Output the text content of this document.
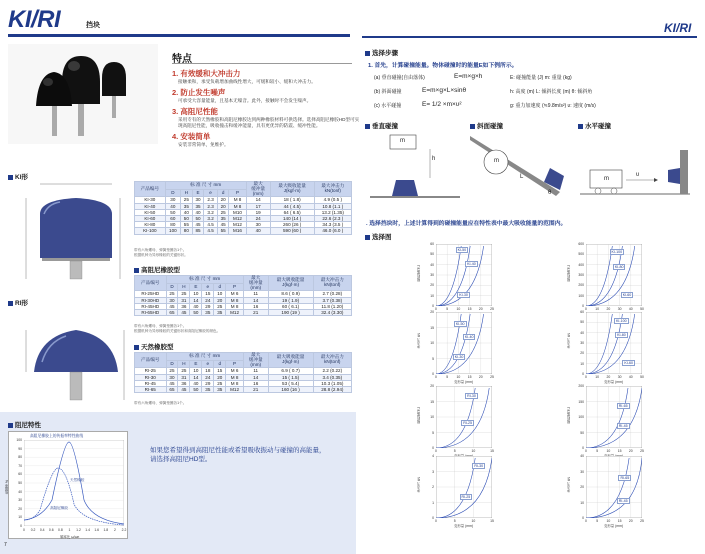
KI/RI	挡块	KI/RI
特点
1. 有效缓和大冲击力
接触柔和，承受负载增加曲线性增大，可缓和较小、缓和大冲击力。
2. 防止发生噪声
可承受大容量能量，且基本无噪音。此外，接触时不会发生噪声。
3. 高阻尼性能
采用专有的天然橡胶和高阻尼橡胶达到两种橡胶材料可供选择。选择高阻尼橡胶HD型可实现高阻尼性能，吸收撞击和缓冲能量，具有更优异的防震、缓冲性能。
4. 安装简单
安装非常简单，免维护。
KI形
RI形
产品编号	标 准 尺 寸 mm						最大
缓冲量
(mm)	最大吸收能量
J(kgf·m)	最大冲击力
kN(tonf)
	D	H	E	e	d	P			
KI-30	30	25	30	2.3	20	M 8	14	18 ( 1.8)	4.9 (0.5 )
KI-40	40	35	35	2.3	20	M 8	17	44 ( 4.5)	10.8 (1.1 )
KI-50	50	40	40	3.2	25	M10	19	64 ( 6.5)	13.2 (1.35)
KI-60	60	50	50	3.2	35	M12	24	140 (14 )	22.6 (2.3 )
KI-80	80	55	45	4.5	45	M12	30	260 (26 )	34.3 (3.5 )
KI-100	100	80	85	4.5	55	M16	40	590 (60 )	46.0 (6.0 )
带有六角螺母、弹簧垫圈各1个。
根据机种为异形橡胶的关键形状。
高阻尼橡胶型
产品编号	标 准 尺 寸 mm						最大
缓冲量
(mm)	最大吸收能量
J(kgf·m)	最大冲击力
kN(tonf)
	D	H	E	e	d	P			
RI-25HD	25	25	10	15	10	M 6	11	8.6 ( 0.9)	2.7 (0.28)
RI-30HD	30	31	14	24	20	M 8	14	19 ( 1.9)	3.7 (0.38)
RI-45HD	45	36	40	29	25	M 8	16	60 ( 6.1)	11.8 (1.20)
RI-65HD	65	45	50	35	35	M12	21	190 (19 )	32.4 (3.30)
带有六角螺母、弹簧垫圈各1个。
根据机种为异形橡胶的关键形状和高阻尼橡胶的颜色。
天然橡胶型
产品编号	标 准 尺 寸 mm						最大
缓冲量
(mm)	最大吸收能量
J(kgf·m)	最大冲击力
kN(tonf)
	D	H	E	e	d	P			
RI-25	25	25	10	18	15	M 6	11	6.9 ( 0.7)	2.2 (0.22)
RI-30	30	31	14	24	20	M 8	14	15 ( 1.5)	3.4 (0.35)
RI-45	45	36	40	29	25	M 8	16	53 ( 5.4)	10.3 (1.05)
RI-65	65	45	50	35	35	M12	21	160 (16 )	28.8 (2.94)
带有六角螺母、弹簧垫圈各1个。
阻尼特性
高阻尼橡胶上的传振率特性曲线
传振率 %
0
10
20
30
40
50
60
70
80
90
100
0	0.2	0.4	0.6	0.8	1	1.2	1.4	1.6	1.8	2	2.2
频率比 ω/ωn
天然橡胶
高阻尼橡胶
如果您希望得到高阻尼性能或希望吸收振动与碰撞的高能量，
请选择高阻尼HD型。
7
选择步骤
1. 首先，计算碰撞能量。物体碰撞时的能量E如下例所示。
(a) 垂直碰撞(自由落体)	E=m×g×h	E: 碰撞能量 (J) m: 重量 (kg)
(b) 斜面碰撞	E=m×g×L×sinθ	h: 高度 (m) L: 倾斜长度 (m) θ: 倾斜角
(c) 水平碰撞	E= 1/2 ×m×υ²	g: 重力加速度 (≒9.8m/s²) υ: 速度 (m/s)
垂直碰撞	斜面碰撞	水平碰撞
m
h	m
L
θ
m
υ
. 选择挡块时，上述计算得到的碰撞能量应在特性表中最大吸收能量的范围内。
选择图
KI-50
KI-40
KI-30
0
10
20
30
40
50
60
0	5	10	15	20	25
吸收能量 J
KI-100
KI-80
KI-60
0
100
200
300
400
500
600
0	10	20	30	40	50
吸收能量 J
KI-50
KI-40
KI-30
0
5
10
15
20
0	5	10	15	20	25
冲击力 kN
变形量 (mm)
KI-100
KI-80
KI-60
0
10
20
30
40
50
60
0	10	20	30	40	50
冲击力 kN
变形量 (mm)
RI-30
RI-25
0
5
10
15
20
0	5	10	15
吸收能量 J
RI-65
RI-45
0
50
100
150
200
0	5	10	15	20	25
吸收能量 J
RI-30
RI-25
0
1
2
3
4
0	5	10	15
冲击力 kN
变形量 (mm)
RI-65
RI-45
0
10
20
30
40
0	5	10	15	20	25
冲击力 kN
变形量 (mm)
